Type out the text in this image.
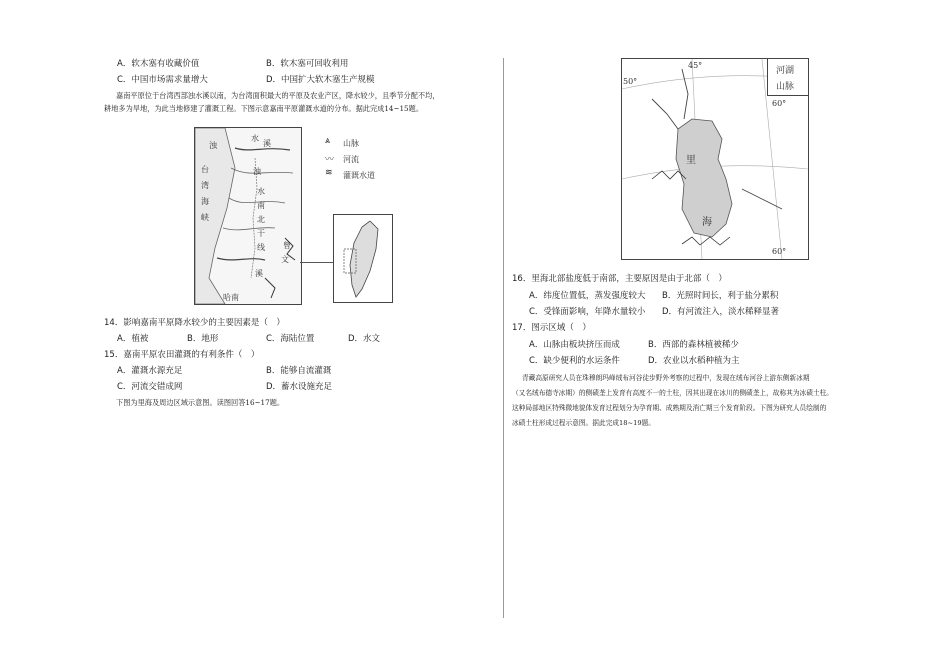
A．软木塞有收藏价值	B．软木塞可回收利用
C．中国市场需求量增大	D．中国扩大软木塞生产规模
嘉南平原位于台湾西部浊水溪以南，为台湾面积最大的平原及农业产区，降水较少，且季节分配不均，
耕地多为旱地，为此当地修建了灌溉工程。下图示意嘉南平原灌溉水道的分布。据此完成14~15题。
浊
水
溪
浊
水
南
北
干
线
台
湾
海
峡
曾
文
溪
哈南
⩓ 山脉
〰 河流
≋ 灌溉水道
14．影响嘉南平原降水较少的主要因素是（　）
A．植被	B．地形	C．海陆位置	D．水文
15．嘉南平原农田灌溉的有利条件（　）
A．灌溉水源充足	B．能够自流灌溉
C．河流交错成网	D．蓄水设施充足
下图为里海及周边区域示意图。读图回答16~17题。
河湖
山脉
里
海
50°
60°
45°
60°
16．里海北部盐度低于南部，主要原因是由于北部（　）
A．纬度位置低，蒸发强度较大 B．光照时间长，利于盐分累积
C．受锋面影响，年降水量较小 D．有河流注入，淡水稀释显著
17．图示区域（　）
A．山脉由板块挤压而成	B．西部的森林植被稀少
C．缺少便利的水运条件	D．农业以水稻种植为主
青藏高原研究人员在珠穆朗玛峰绒布河谷徒步野外考察的过程中，发现在绒布河谷上游东侧新冰期
（又名绒布德寺冰期）的侧碛垄上发育有高度不一的土柱，因其出现在冰川的侧碛垄上，故称其为冰碛土柱。
这种局部地区特殊微地貌体发育过程划分为孕育期、成熟期及消亡期三个发育阶段。下图为研究人员绘制的
冰碛土柱形成过程示意图。据此完成18~19题。
